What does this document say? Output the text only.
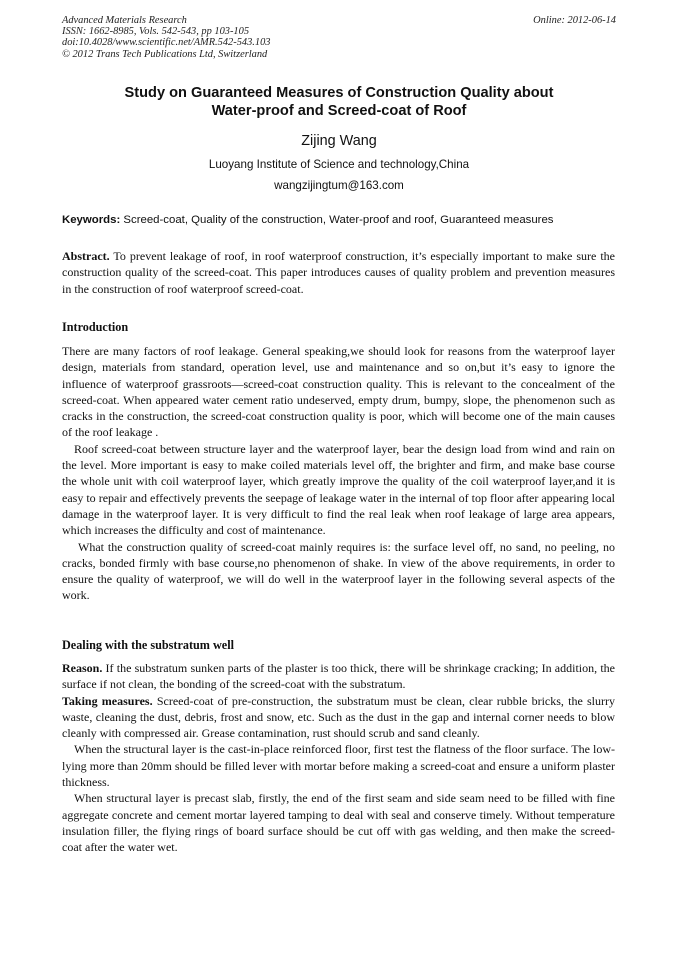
Advanced Materials Research
ISSN: 1662-8985, Vols. 542-543, pp 103-105
doi:10.4028/www.scientific.net/AMR.542-543.103
© 2012 Trans Tech Publications Ltd, Switzerland
Online: 2012-06-14
Study on Guaranteed Measures of Construction Quality about
Water-proof and Screed-coat of Roof
Zijing Wang
Luoyang Institute of Science and technology,China
wangzijingtum@163.com
Keywords: Screed-coat, Quality of the construction, Water-proof and roof, Guaranteed measures

Abstract. To prevent leakage of roof, in roof waterproof construction, it’s especially important to make sure the construction quality of the screed-coat. This paper introduces causes of quality problem and prevention measures in the construction of roof waterproof screed-coat.

Introduction

There are many factors of roof leakage. General speaking,we should look for reasons from the waterproof layer design, materials from standard, operation level, use and maintenance and so on,but it’s easy to ignore the influence of waterproof grassroots—screed-coat construction quality. This is relevant to the concealment of the screed-coat. When appeared water cement ratio undeserved, empty drum, bumpy, slope, the phenomenon such as cracks in the construction, the screed-coat construction quality is poor, which will become one of the main causes of the roof leakage .

Roof screed-coat between structure layer and the waterproof layer, bear the design load from wind and rain on the level. More important is easy to make coiled materials level off, the brighter and firm, and make base course the whole unit with coil waterproof layer, which greatly improve the quality of the coil waterproof layer,and it is easy to repair and effectively prevents the seepage of leakage water in the internal of top floor after appearing local damage in the waterproof layer. It is very difficult to find the real leak when roof leakage of large area appears, which increases the difficulty and cost of maintenance.

What the construction quality of screed-coat mainly requires is: the surface level off, no sand, no peeling, no cracks, bonded firmly with base course,no phenomenon of shake. In view of the above requirements, in order to ensure the quality of waterproof, we will do well in the waterproof layer in the following several aspects of the work.

Dealing with the substratum well

Reason. If the substratum sunken parts of the plaster is too thick, there will be shrinkage cracking; In addition, the surface if not clean, the bonding of the screed-coat with the substratum.

Taking measures. Screed-coat of pre-construction, the substratum must be clean, clear rubble bricks, the slurry waste, cleaning the dust, debris, frost and snow, etc. Such as the dust in the gap and internal corner needs to blow cleanly with compressed air. Grease contamination, rust should scrub and sand cleanly.

When the structural layer is the cast-in-place reinforced floor, first test the flatness of the floor surface. The low-lying more than 20mm should be filled lever with mortar before making a screed-coat and ensure a uniform plaster thickness.

When structural layer is precast slab, firstly, the end of the first seam and side seam need to be filled with fine aggregate concrete and cement mortar layered tamping to deal with seal and conserve timely. Without temperature insulation filler, the flying rings of board surface should be cut off with gas welding, and then make the screed-coat after the water wet.
